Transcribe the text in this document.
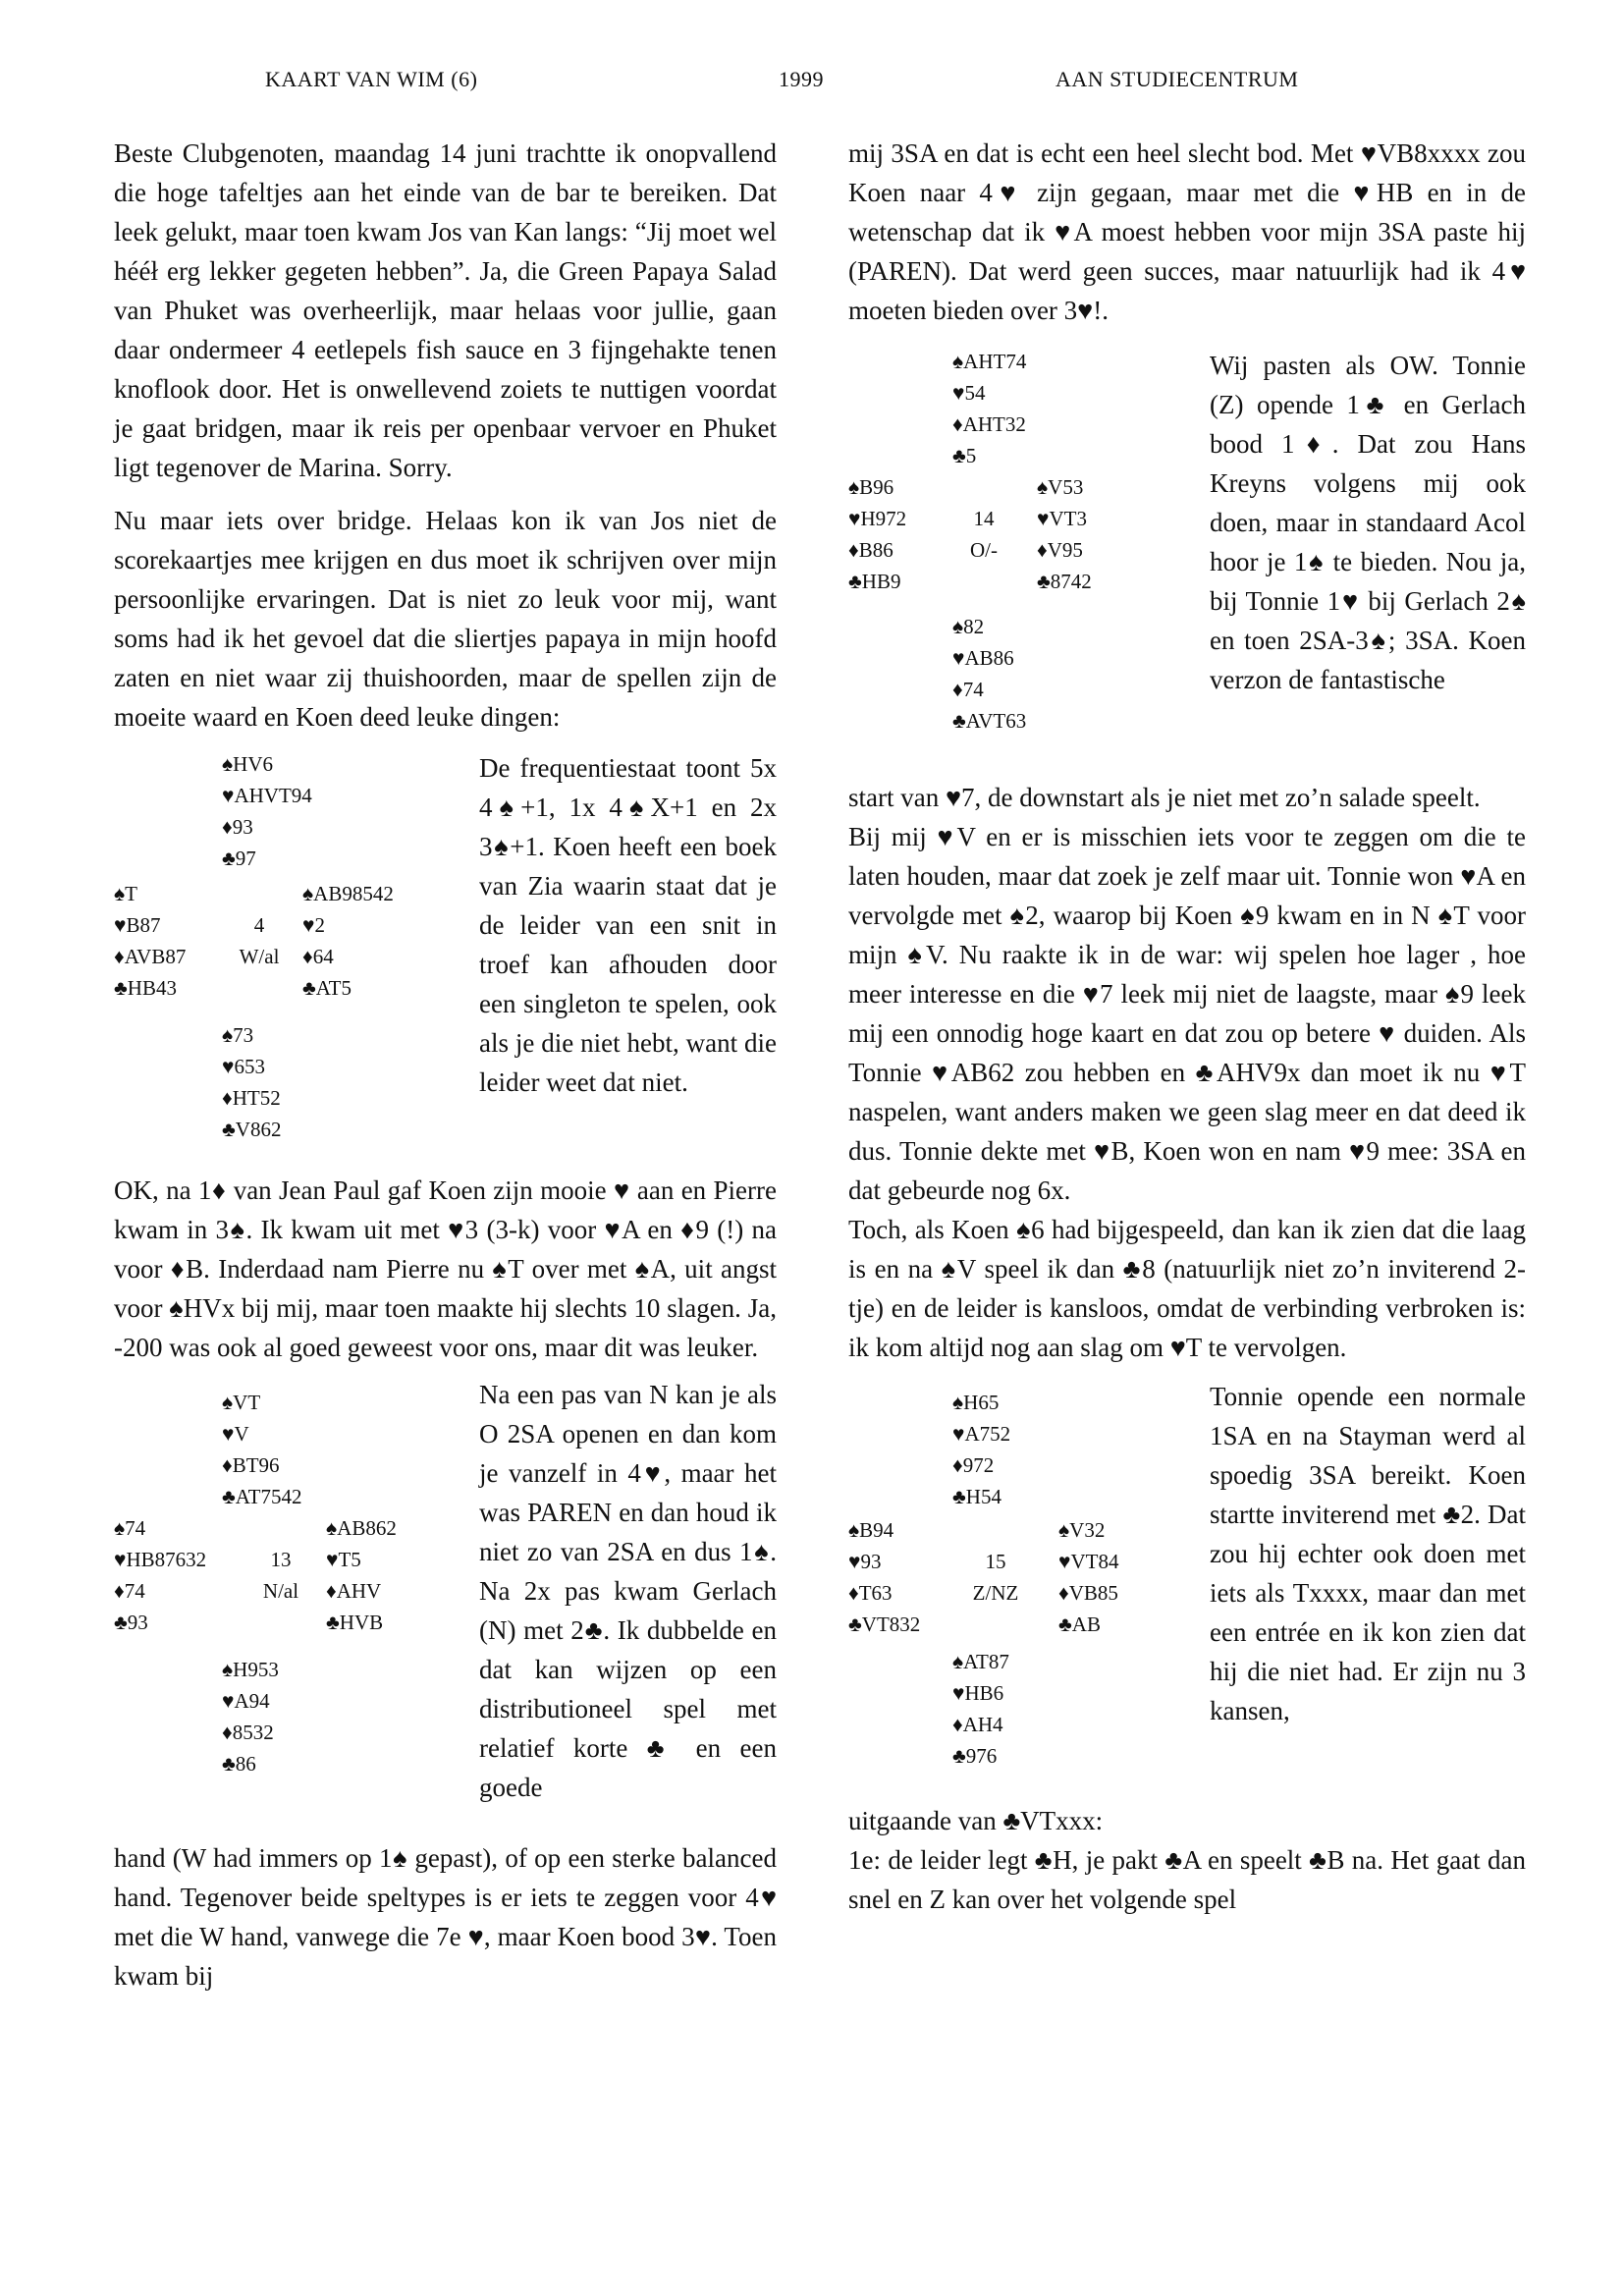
KAART VAN WIM (6)	1999	AAN STUDIECENTRUM

Beste Clubgenoten, maandag 14 juni trachtte ik onopvallend die hoge tafeltjes aan het einde van de bar te bereiken. Dat leek gelukt, maar toen kwam Jos van Kan langs: “Jij moet wel hééł erg lekker gegeten hebben”. Ja, die Green Papaya Salad van Phuket was overheerlijk, maar helaas voor jullie, gaan daar ondermeer 4 eetlepels fish sauce en 3 fijngehakte tenen knoflook door. Het is onwellevend zoiets te nuttigen voordat je gaat bridgen, maar ik reis per openbaar vervoer en Phuket ligt tegenover de Marina. Sorry.

Nu maar iets over bridge. Helaas kon ik van Jos niet de scorekaartjes mee krijgen en dus moet ik schrijven over mijn persoonlijke ervaringen. Dat is niet zo leuk voor mij, want soms had ik het gevoel dat die sliertjes papaya in mijn hoofd zaten en niet waar zij thuishoorden, maar de spellen zijn de moeite waard en Koen deed leuke dingen:

♠HV6
♥AHVT94
♦93
♣97
♠T
♥B87
♦AVB87
♣HB43
4
W/al
♠AB98542
♥2
♦64
♣AT5
♠73
♥653
♦HT52
♣V862

De frequentiestaat toont 5x 4♠+1, 1x 4♠X+1 en 2x 3♠+1. Koen heeft een boek van Zia waarin staat dat je de leider van een snit in troef kan afhouden door een singleton te spelen, ook als je die niet hebt, want die leider weet dat niet.

OK, na 1♦ van Jean Paul gaf Koen zijn mooie ♥ aan en Pierre kwam in 3♠. Ik kwam uit met ♥3 (3-k) voor ♥A en ♦9 (!) na voor ♦B. Inderdaad nam Pierre nu ♠T over met ♠A, uit angst voor ♠HVx bij mij, maar toen maakte hij slechts 10 slagen. Ja, -200 was ook al goed geweest voor ons, maar dit was leuker.

♠VT
♥V
♦BT96
♣AT7542
♠74
♥HB87632
♦74
♣93
13
N/al
♠AB862
♥T5
♦AHV
♣HVB
♠H953
♥A94
♦8532
♣86

Na een pas van N kan je als O 2SA openen en dan kom je vanzelf in 4♥, maar het was PAREN en dan houd ik niet zo van 2SA en dus 1♠. Na 2x pas kwam Gerlach (N) met 2♣. Ik dubbelde en dat kan wijzen op een distributioneel spel met relatief korte ♣ en een goede

hand (W had immers op 1♠ gepast), of op een sterke balanced hand. Tegenover beide speltypes is er iets te zeggen voor 4♥ met die W hand, vanwege die 7e ♥, maar Koen bood 3♥. Toen kwam bij

mij 3SA en dat is echt een heel slecht bod. Met ♥VB8xxxx zou Koen naar 4♥ zijn gegaan, maar met die ♥HB en in de wetenschap dat ik ♥A moest hebben voor mijn 3SA paste hij (PAREN). Dat werd geen succes, maar natuurlijk had ik 4♥ moeten bieden over 3♥!.

♠AHT74
♥54
♦AHT32
♣5
♠B96
♥H972
♦B86
♣HB9
14
O/-
♠V53
♥VT3
♦V95
♣8742
♠82
♥AB86
♦74
♣AVT63

Wij pasten als OW. Tonnie (Z) opende 1♣ en Gerlach bood 1♦. Dat zou Hans Kreyns volgens mij ook doen, maar in standaard Acol hoor je 1♠ te bieden. Nou ja, bij Tonnie 1♥ bij Gerlach 2♠ en toen 2SA-3♠; 3SA. Koen verzon de fantastische

start van ♥7, de downstart als je niet met zo’n salade speelt.

Bij mij ♥V en er is misschien iets voor te zeggen om die te laten houden, maar dat zoek je zelf maar uit. Tonnie won ♥A en vervolgde met ♠2, waarop bij Koen ♠9 kwam en in N ♠T voor mijn ♠V. Nu raakte ik in de war: wij spelen hoe lager , hoe meer interesse en die ♥7 leek mij niet de laagste, maar ♠9 leek mij een onnodig hoge kaart en dat zou op betere ♥ duiden. Als Tonnie ♥AB62 zou hebben en ♣AHV9x dan moet ik nu ♥T naspelen, want anders maken we geen slag meer en dat deed ik dus. Tonnie dekte met ♥B, Koen won en nam ♥9 mee: 3SA en dat gebeurde nog 6x.

Toch, als Koen ♠6 had bijgespeeld, dan kan ik zien dat die laag is en na ♠V speel ik dan ♣8 (natuurlijk niet zo’n inviterend 2-tje) en de leider is kansloos, omdat de verbinding verbroken is: ik kom altijd nog aan slag om ♥T te vervolgen.

♠H65
♥A752
♦972
♣H54
♠B94
♥93
♦T63
♣VT832
15
Z/NZ
♠V32
♥VT84
♦VB85
♣AB
♠AT87
♥HB6
♦AH4
♣976

Tonnie opende een normale 1SA en na Stayman werd al spoedig 3SA bereikt. Koen startte inviterend met ♣2. Dat zou hij echter ook doen met iets als Txxxx, maar dan met een entrée en ik kon zien dat hij die niet had. Er zijn nu 3 kansen,

uitgaande van ♣VTxxx:

1e: de leider legt ♣H, je pakt ♣A en speelt ♣B na. Het gaat dan snel en Z kan over het volgende spel
